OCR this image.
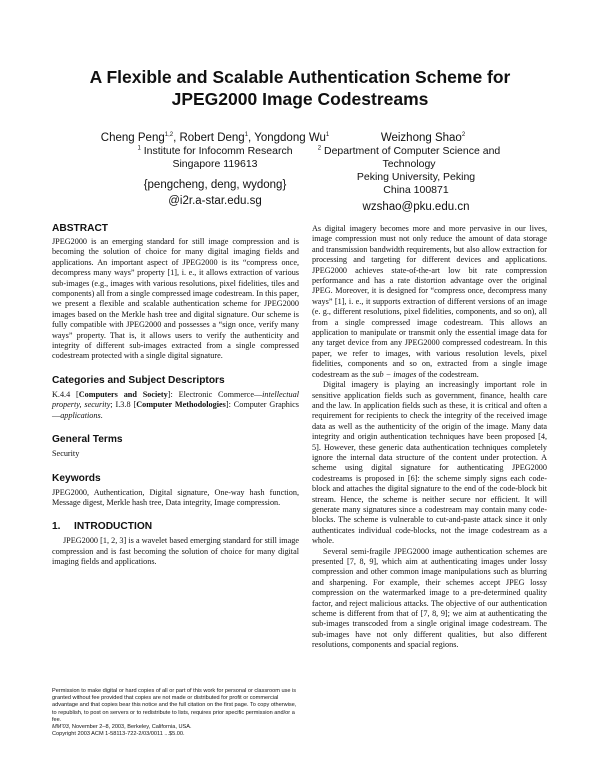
A Flexible and Scalable Authentication Scheme for
JPEG2000 Image Codestreams
Cheng Peng$^{1,2}$, Robert Deng$^1$, Yongdong Wu$^1$
$^1$ Institute for Infocomm Research
Singapore 119613
{pengcheng, deng, wydong}
@i2r.a-star.edu.sg
Weizhong Shao$^2$
$^2$ Department of Computer Science and Technology
Peking University, Peking
China 100871
wzshao@pku.edu.cn
ABSTRACT

JPEG2000 is an emerging standard for still image compression and is becoming the solution of choice for many digital imaging fields and applications. An important aspect of JPEG2000 is its “compress once, decompress many ways” property [1], i. e., it allows extraction of various sub-images (e.g., images with various resolutions, pixel fidelities, tiles and components) all from a single compressed image codestream. In this paper, we present a flexible and scalable authentication scheme for JPEG2000 images based on the Merkle hash tree and digital signature. Our scheme is fully compatible with JPEG2000 and possesses a “sign once, verify many ways” property. That is, it allows users to verify the authenticity and integrity of different sub-images extracted from a single compressed codestream protected with a single digital signature.

Categories and Subject Descriptors

K.4.4 [Computers and Society]: Electronic Commerce—intellectual property, security; I.3.8 [Computer Methodologies]: Computer Graphics—applications.

General Terms

Security

Keywords

JPEG2000, Authentication, Digital signature, One-way hash function, Message digest, Merkle hash tree, Data integrity, Image compression.

1. INTRODUCTION

JPEG2000 [1, 2, 3] is a wavelet based emerging standard for still image compression and is fast becoming the solution of choice for many digital imaging fields and applications.

Permission to make digital or hard copies of all or part of this work for personal or classroom use is granted without fee provided that copies are not made or distributed for profit or commercial advantage and that copies bear this notice and the full citation on the first page. To copy otherwise, to republish, to post on servers or to redistribute to lists, requires prior specific permission and/or a fee.

MM’03, November 2–8, 2003, Berkeley, California, USA.

Copyright 2003 ACM 1-58113-722-2/03/0011 ...$5.00.

As digital imagery becomes more and more pervasive in our lives, image compression must not only reduce the amount of data storage and transmission bandwidth requirements, but also allow extraction for processing and targeting for different devices and applications. JPEG2000 achieves state-of-the-art low bit rate compression performance and has a rate distortion advantage over the original JPEG. Moreover, it is designed for “compress once, decompress many ways” [1], i. e., it supports extraction of different versions of an image (e. g., different resolutions, pixel fidelities, components, and so on), all from a single compressed image codestream. This allows an application to manipulate or transmit only the essential image data for any target device from any JPEG2000 compressed codestream. In this paper, we refer to images, with various resolution levels, pixel fidelities, components and so on, extracted from a single image codestream as the sub − images of the codestream.

Digital imagery is playing an increasingly important role in sensitive application fields such as government, finance, health care and the law. In application fields such as these, it is critical and often a requirement for recipients to check the integrity of the received image data as well as the authenticity of the origin of the image. Many data integrity and origin authentication techniques have been proposed [4, 5]. However, these generic data authentication techniques completely ignore the internal data structure of the content under protection. A scheme using digital signature for authenticating JPEG2000 codestreams is proposed in [6]: the scheme simply signs each code-block and attaches the digital signature to the end of the code-block bit stream. Hence, the scheme is neither secure nor efficient. It will generate many signatures since a codestream may contain many code-blocks. The scheme is vulnerable to cut-and-paste attack since it only authenticates individual code-blocks, not the image codestream as a whole.

Several semi-fragile JPEG2000 image authentication schemes are presented [7, 8, 9], which aim at authenticating images under lossy compression and other common image manipulations such as blurring and sharpening. For example, their schemes accept JPEG lossy compression on the watermarked image to a pre-determined quality factor, and reject malicious attacks. The objective of our authentication scheme is different from that of [7, 8, 9]; we aim at authenticating the sub-images transcoded from a single original image codestream. The sub-images have not only different qualities, but also different resolutions, components and spacial regions.
